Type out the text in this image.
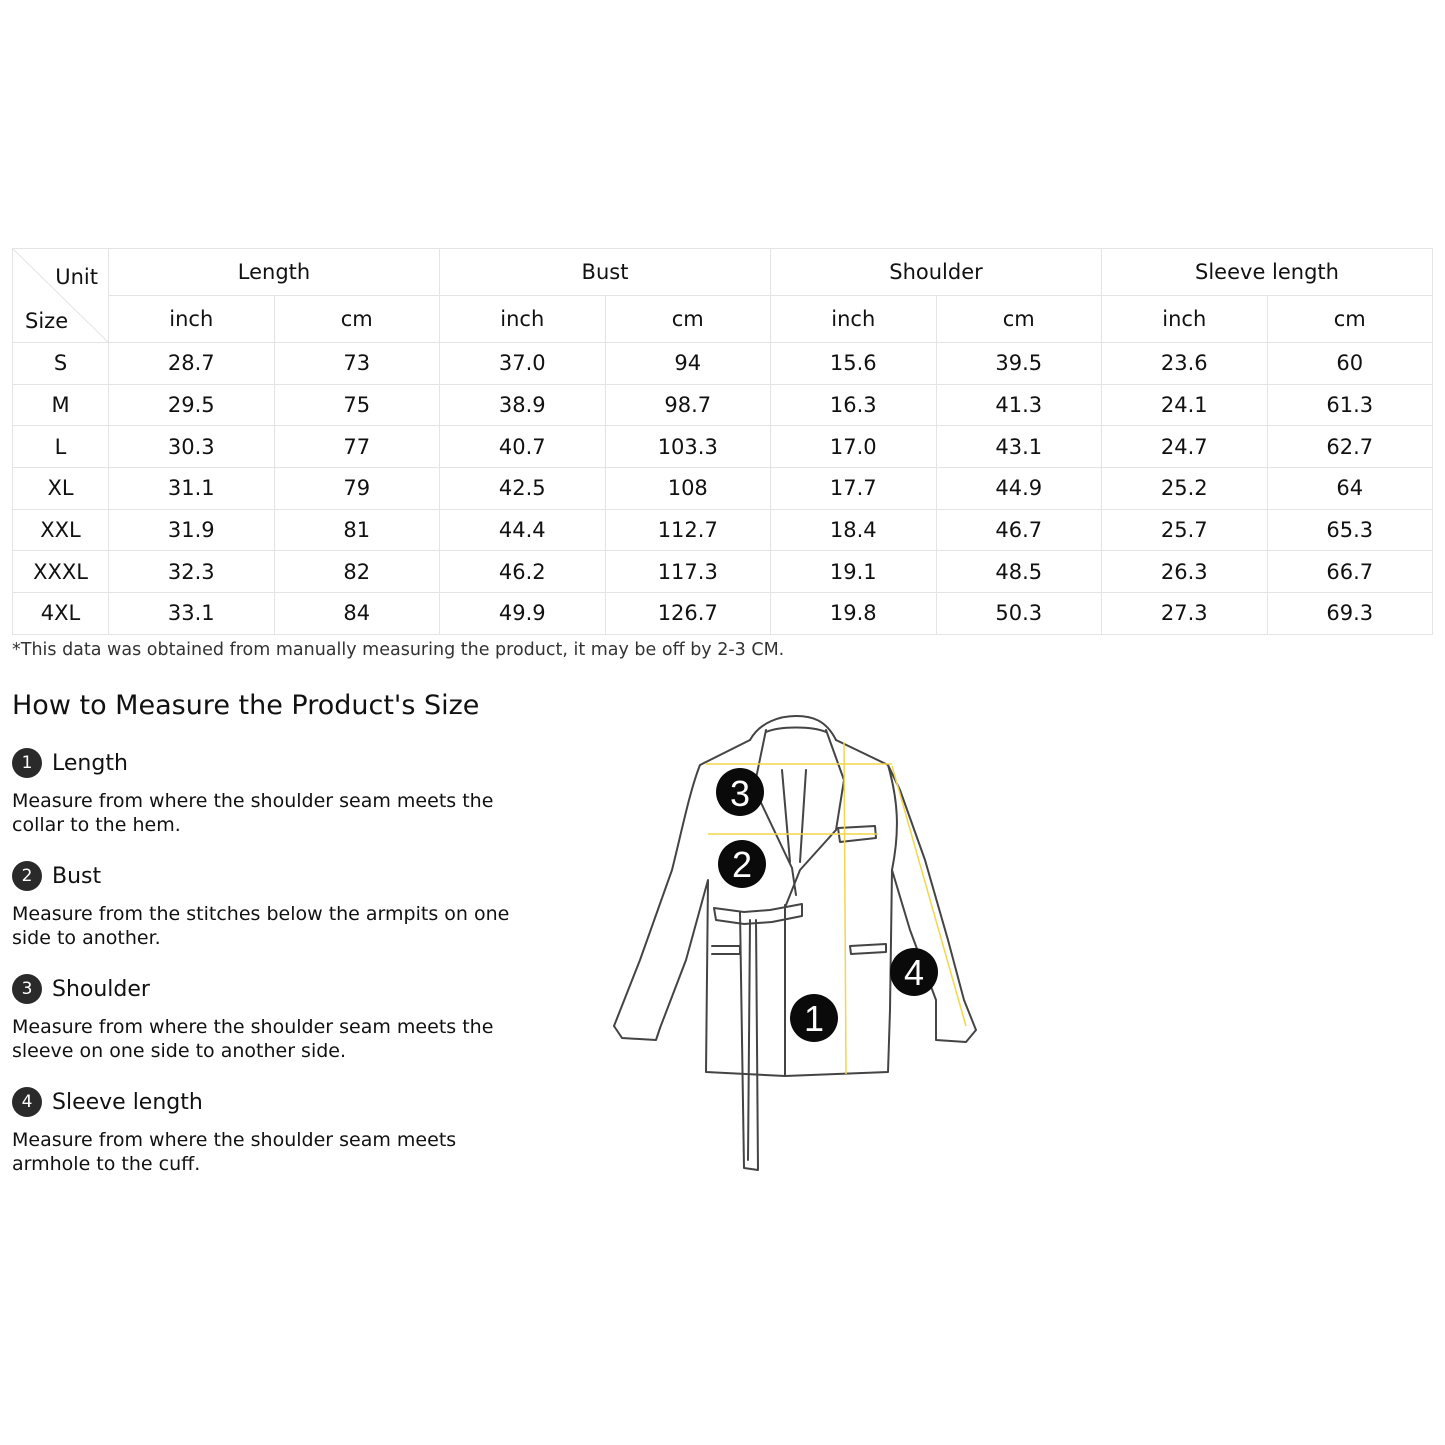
Unit
Size	Length		Bust		Shoulder		Sleeve length	
	inch	cm	inch	cm	inch	cm	inch	cm
S	28.7	73	37.0	94	15.6	39.5	23.6	60
M	29.5	75	38.9	98.7	16.3	41.3	24.1	61.3
L	30.3	77	40.7	103.3	17.0	43.1	24.7	62.7
XL	31.1	79	42.5	108	17.7	44.9	25.2	64
XXL	31.9	81	44.4	112.7	18.4	46.7	25.7	65.3
XXXL	32.3	82	46.2	117.3	19.1	48.5	26.3	66.7
4XL	33.1	84	49.9	126.7	19.8	50.3	27.3	69.3
*This data was obtained from manually measuring the product, it may be off by 2-3 CM.
How to Measure the Product's Size
1 Length
Measure from where the shoulder seam meets the collar to the hem.
2 Bust
Measure from the stitches below the armpits on one side to another.
3 Shoulder
Measure from where the shoulder seam meets the sleeve on one side to another side.
4 Sleeve length
Measure from where the shoulder seam meets armhole to the cuff.
3
2
4
1
